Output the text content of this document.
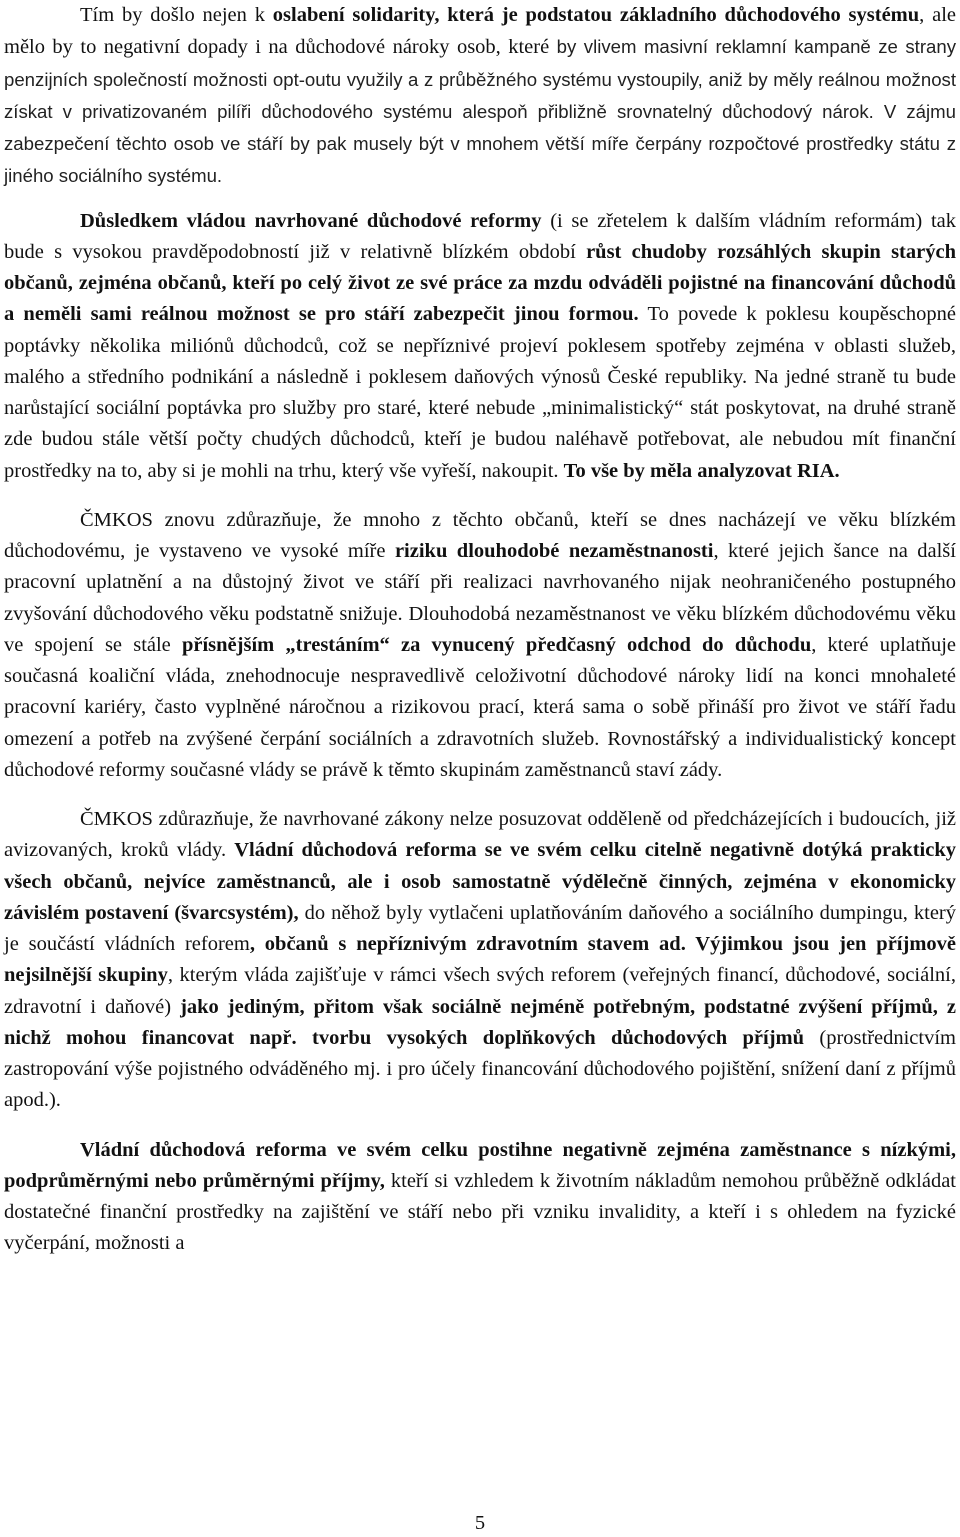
Tím by došlo nejen k oslabení solidarity, která je podstatou základního důchodového systému, ale mělo by to negativní dopady i na důchodové nároky osob, které by vlivem masivní reklamní kampaně ze strany penzijních společností možnosti opt-outu využily a z průběžného systému vystoupily, aniž by měly reálnou možnost získat v privatizovaném pilíři důchodového systému alespoň přibližně srovnatelný důchodový nárok. V zájmu zabezpečení těchto osob ve stáří by pak musely být v mnohem větší míře čerpány rozpočtové prostředky státu z jiného sociálního systému.

Důsledkem vládou navrhované důchodové reformy (i se zřetelem k dalším vládním reformám) tak bude s vysokou pravděpodobností již v relativně blízkém období růst chudoby rozsáhlých skupin starých občanů, zejména občanů, kteří po celý život ze své práce za mzdu odváděli pojistné na financování důchodů a neměli sami reálnou možnost se pro stáří zabezpečit jinou formou. To povede k poklesu koupěschopné poptávky několika miliónů důchodců, což se nepříznivé projeví poklesem spotřeby zejména v oblasti služeb, malého a středního podnikání a následně i poklesem daňových výnosů České republiky. Na jedné straně tu bude narůstající sociální poptávka pro služby pro staré, které nebude „minimalistický“ stát poskytovat, na druhé straně zde budou stále větší počty chudých důchodců, kteří je budou naléhavě potřebovat, ale nebudou mít finanční prostředky na to, aby si je mohli na trhu, který vše vyřeší, nakoupit. To vše by měla analyzovat RIA.

ČMKOS znovu zdůrazňuje, že mnoho z těchto občanů, kteří se dnes nacházejí ve věku blízkém důchodovému, je vystaveno ve vysoké míře riziku dlouhodobé nezaměstnanosti, které jejich šance na další pracovní uplatnění a na důstojný život ve stáří při realizaci navrhovaného nijak neohraničeného postupného zvyšování důchodového věku podstatně snižuje. Dlouhodobá nezaměstnanost ve věku blízkém důchodovému věku ve spojení se stále přísnějším „trestáním“ za vynucený předčasný odchod do důchodu, které uplatňuje současná koaliční vláda, znehodnocuje nespravedlivě celoživotní důchodové nároky lidí na konci mnohaleté pracovní kariéry, často vyplněné náročnou a rizikovou prací, která sama o sobě přináší pro život ve stáří řadu omezení a potřeb na zvýšené čerpání sociálních a zdravotních služeb. Rovnostářský a individualistický koncept důchodové reformy současné vlády se právě k těmto skupinám zaměstnanců staví zády.

ČMKOS zdůrazňuje, že navrhované zákony nelze posuzovat odděleně od předcházejících i budoucích, již avizovaných, kroků vlády. Vládní důchodová reforma se ve svém celku citelně negativně dotýká prakticky všech občanů, nejvíce zaměstnanců, ale i osob samostatně výdělečně činných, zejména v ekonomicky závislém postavení (švarcsystém), do něhož byly vytlačeni uplatňováním daňového a sociálního dumpingu, který je součástí vládních reforem, občanů s nepříznivým zdravotním stavem ad. Výjimkou jsou jen příjmově nejsilnější skupiny, kterým vláda zajišťuje v rámci všech svých reforem (veřejných financí, důchodové, sociální, zdravotní i daňové) jako jediným, přitom však sociálně nejméně potřebným, podstatné zvýšení příjmů, z nichž mohou financovat např. tvorbu vysokých doplňkových důchodových příjmů (prostřednictvím zastropování výše pojistného odváděného mj. i pro účely financování důchodového pojištění, snížení daní z příjmů apod.).

Vládní důchodová reforma ve svém celku postihne negativně zejména zaměstnance s nízkými, podprůměrnými nebo průměrnými příjmy, kteří si vzhledem k životním nákladům nemohou průběžně odkládat dostatečné finanční prostředky na zajištění ve stáří nebo při vzniku invalidity, a kteří i s ohledem na fyzické vyčerpání, možnosti a

5
